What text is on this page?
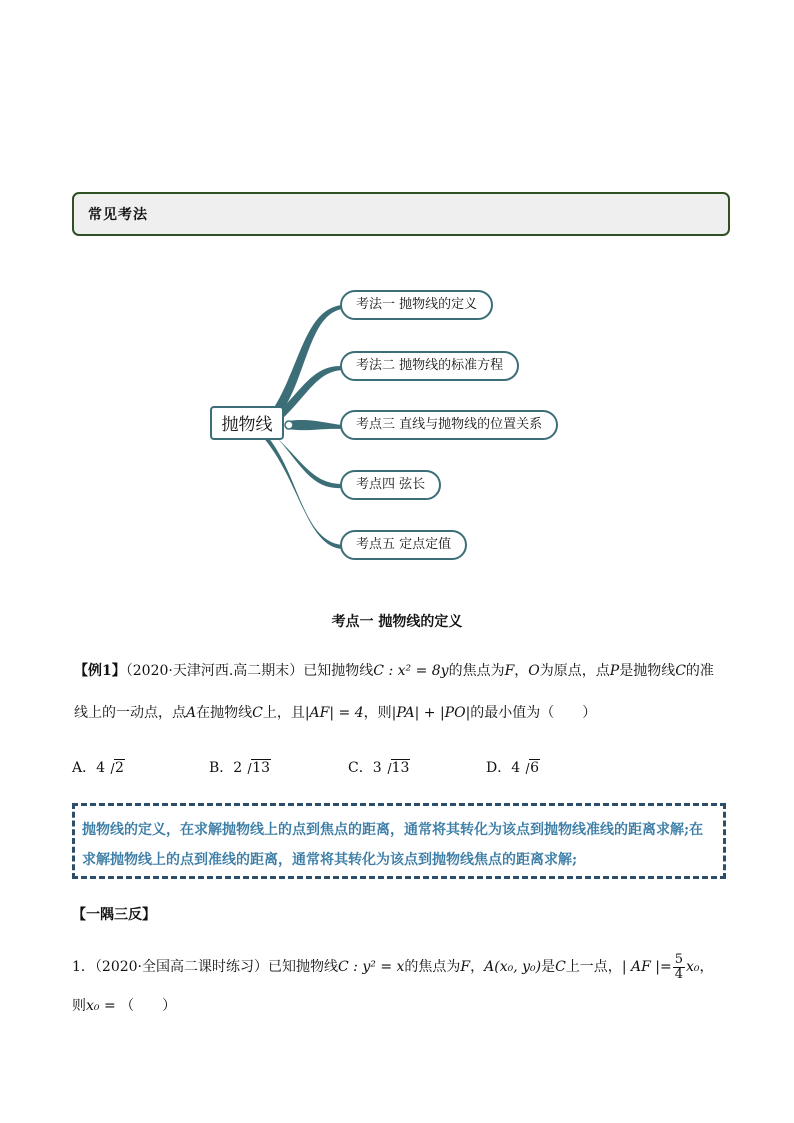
常见考法
抛物线
考法一 抛物线的定义
考法二 抛物线的标准方程
考点三 直线与抛物线的位置关系
考点四 弦长
考点五 定点定值
考点一 抛物线的定义
【例1】（2020·天津河西.高二期末）已知抛物线C : x² = 8y的焦点为F，O为原点，点P是抛物线C的准
线上的一动点，点A在抛物线C上，且|AF| = 4，则|PA| + |PO|的最小值为（　　）
A．4 2	B．2 13	C．3 13	D．4 6
抛物线的定义，在求解抛物线上的点到焦点的距离，通常将其转化为该点到抛物线准线的距离求解;在
求解抛物线上的点到准线的距离，通常将其转化为该点到抛物线焦点的距离求解;
【一隅三反】
1．（2020·全国高二课时练习）已知抛物线C : y² = x的焦点为F，A(x₀, y₀)是C上一点，| AF |= $\frac{5}{4} x_0$，
则x₀ = （　　）
